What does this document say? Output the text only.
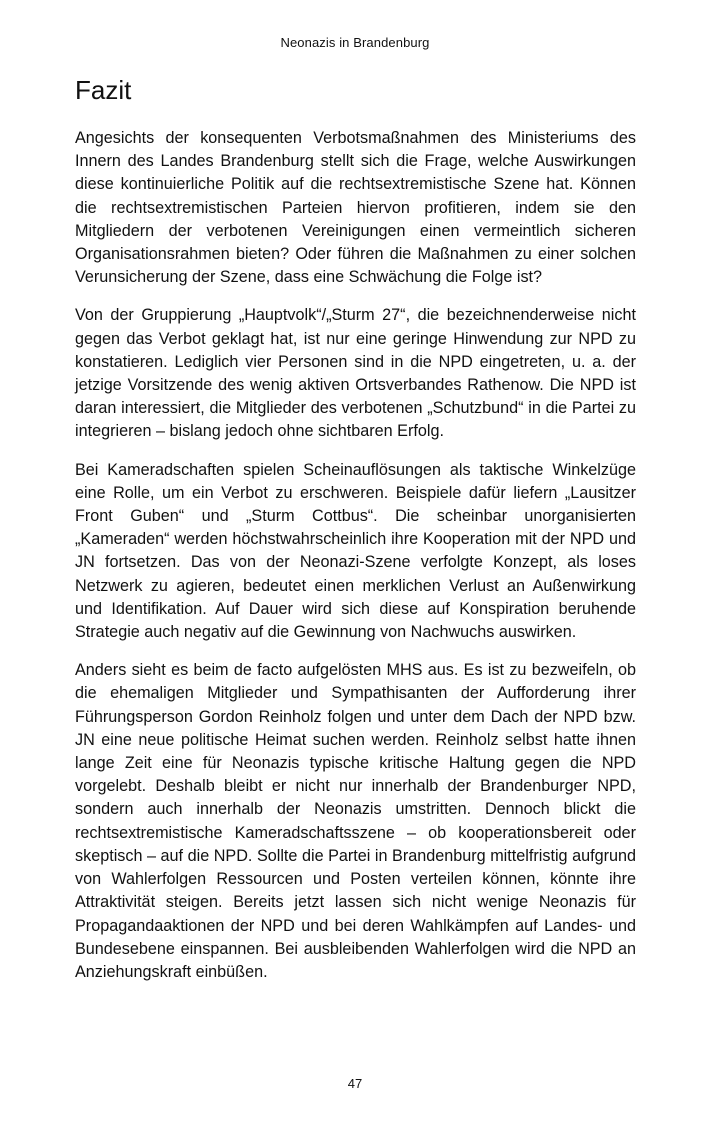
Neonazis in Brandenburg
Fazit

Angesichts der konsequenten Verbotsmaßnahmen des Ministeriums des Innern des Landes Brandenburg stellt sich die Frage, welche Auswirkungen diese kontinuierliche Politik auf die rechtsextremistische Szene hat. Können die rechtsextremistischen Parteien hiervon profitieren, indem sie den Mitgliedern der verbotenen Vereinigungen einen vermeintlich sicheren Organisationsrahmen bieten? Oder führen die Maßnahmen zu einer solchen Verunsicherung der Szene, dass eine Schwächung die Folge ist?

Von der Gruppierung „Hauptvolk“/„Sturm 27“, die bezeichnenderweise nicht gegen das Verbot geklagt hat, ist nur eine geringe Hinwendung zur NPD zu konstatieren. Lediglich vier Personen sind in die NPD eingetreten, u. a. der jetzige Vorsitzende des wenig aktiven Ortsverbandes Rathenow. Die NPD ist daran interessiert, die Mitglieder des verbotenen „Schutzbund“ in die Partei zu integrieren – bislang jedoch ohne sichtbaren Erfolg.

Bei Kameradschaften spielen Scheinauflösungen als taktische Winkelzüge eine Rolle, um ein Verbot zu erschweren. Beispiele dafür liefern „Lausitzer Front Guben“ und „Sturm Cottbus“. Die scheinbar unorganisierten „Kameraden“ werden höchstwahrscheinlich ihre Kooperation mit der NPD und JN fortsetzen. Das von der Neonazi-Szene verfolgte Konzept, als loses Netzwerk zu agieren, bedeutet einen merklichen Verlust an Außenwirkung und Identifikation. Auf Dauer wird sich diese auf Konspiration beruhende Strategie auch negativ auf die Gewinnung von Nachwuchs auswirken.

Anders sieht es beim de facto aufgelösten MHS aus. Es ist zu bezweifeln, ob die ehemaligen Mitglieder und Sympathisanten der Aufforderung ihrer Führungsperson Gordon Reinholz folgen und unter dem Dach der NPD bzw. JN eine neue politische Heimat suchen werden. Reinholz selbst hatte ihnen lange Zeit eine für Neonazis typische kritische Haltung gegen die NPD vorgelebt. Deshalb bleibt er nicht nur innerhalb der Brandenburger NPD, sondern auch innerhalb der Neonazis umstritten. Dennoch blickt die rechtsextremistische Kameradschaftsszene – ob kooperationsbereit oder skeptisch – auf die NPD. Sollte die Partei in Brandenburg mittelfristig aufgrund von Wahlerfolgen Ressourcen und Posten verteilen können, könnte ihre Attraktivität steigen. Bereits jetzt lassen sich nicht wenige Neonazis für Propagandaaktionen der NPD und bei deren Wahlkämpfen auf Landes- und Bundesebene einspannen. Bei ausbleibenden Wahlerfolgen wird die NPD an Anziehungskraft einbüßen.

47
